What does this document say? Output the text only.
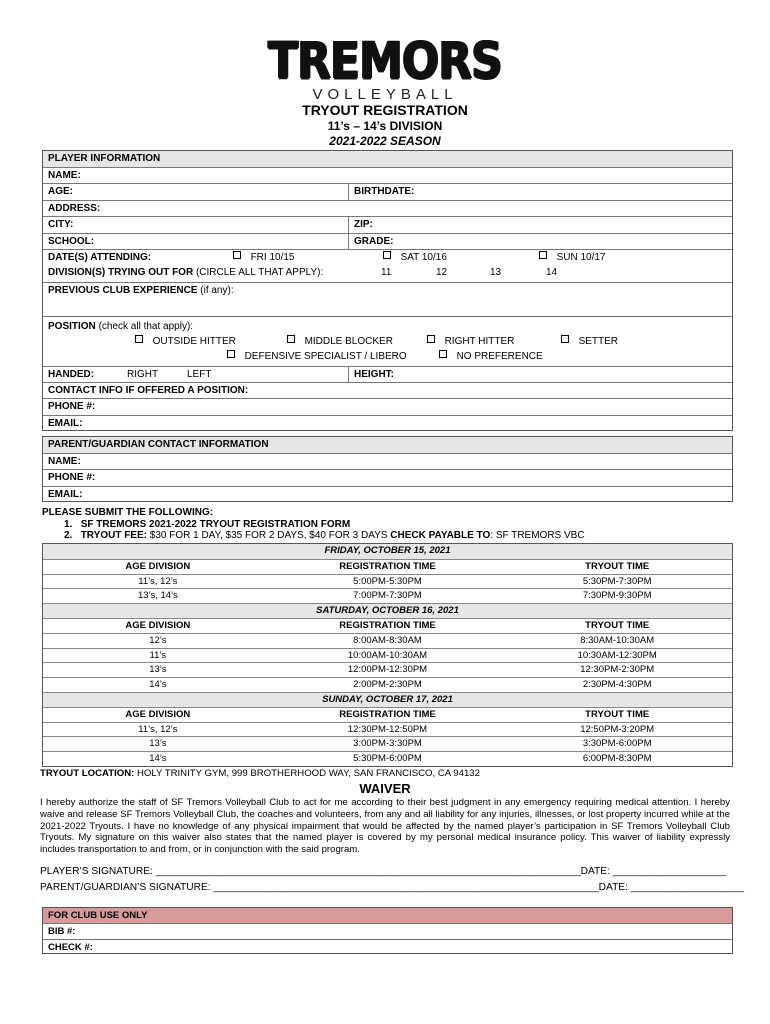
TREMORS
VOLLEYBALL
TRYOUT REGISTRATION
11’s – 14’s DIVISION
2021-2022 SEASON
PLAYER INFORMATION
NAME:
AGE:	BIRTHDATE:
ADDRESS:
CITY:	ZIP:
SCHOOL:	GRADE:
DATE(S) ATTENDING:	FRI 10/15	SAT 10/16	SUN 10/17
DIVISION(S) TRYING OUT FOR (CIRCLE ALL THAT APPLY):	11	12	13	14
PREVIOUS CLUB EXPERIENCE (if any):
POSITION (check all that apply):
OUTSIDE HITTER	MIDDLE BLOCKER	RIGHT HITTER	SETTER
DEFENSIVE SPECIALIST / LIBERO	NO PREFERENCE
HANDED:	RIGHT	LEFT	HEIGHT:
CONTACT INFO IF OFFERED A POSITION:
PHONE #:
EMAIL:
PARENT/GUARDIAN CONTACT INFORMATION
NAME:
PHONE #:
EMAIL:
PLEASE SUBMIT THE FOLLOWING:
1. SF TREMORS 2021-2022 TRYOUT REGISTRATION FORM
2. TRYOUT FEE: $30 FOR 1 DAY, $35 FOR 2 DAYS, $40 FOR 3 DAYS CHECK PAYABLE TO: SF TREMORS VBC
FRIDAY, OCTOBER 15, 2021
AGE DIVISION	REGISTRATION TIME	TRYOUT TIME
11’s, 12’s	5:00PM-5:30PM	5:30PM-7:30PM
13’s, 14’s	7:00PM-7:30PM	7:30PM-9:30PM
SATURDAY, OCTOBER 16, 2021
AGE DIVISION	REGISTRATION TIME	TRYOUT TIME
12’s	8:00AM-8:30AM	8:30AM-10:30AM
11’s	10:00AM-10:30AM	10:30AM-12:30PM
13’s	12:00PM-12:30PM	12:30PM-2:30PM
14’s	2:00PM-2:30PM	2:30PM-4:30PM
SUNDAY, OCTOBER 17, 2021
AGE DIVISION	REGISTRATION TIME	TRYOUT TIME
11’s, 12’s	12:30PM-12:50PM	12:50PM-3:20PM
13’s	3:00PM-3:30PM	3:30PM-6:00PM
14’s	5:30PM-6:00PM	6:00PM-8:30PM
TRYOUT LOCATION: HOLY TRINITY GYM, 999 BROTHERHOOD WAY, SAN FRANCISCO, CA 94132
WAIVER
I hereby authorize the staff of SF Tremors Volleyball Club to act for me according to their best judgment in any emergency requiring medical attention. I hereby waive and release SF Tremors Volleyball Club, the coaches and volunteers, from any and all liability for any injuries, illnesses, or lost property incurred while at the 2021-2022 Tryouts. I have no knowledge of any physical impairment that would be affected by the named player’s participation in SF Tremors Volleyball Club Tryouts. My signature on this waiver also states that the named player is covered by my personal medical insurance policy. This waiver of liability expressly includes transportation to and from, or in conjunction with the said program.
PLAYER’S SIGNATURE: ___________________________________________________________________________DATE: ____________________
PARENT/GUARDIAN’S SIGNATURE: ____________________________________________________________________DATE: ____________________
FOR CLUB USE ONLY
BIB #:
CHECK #:
